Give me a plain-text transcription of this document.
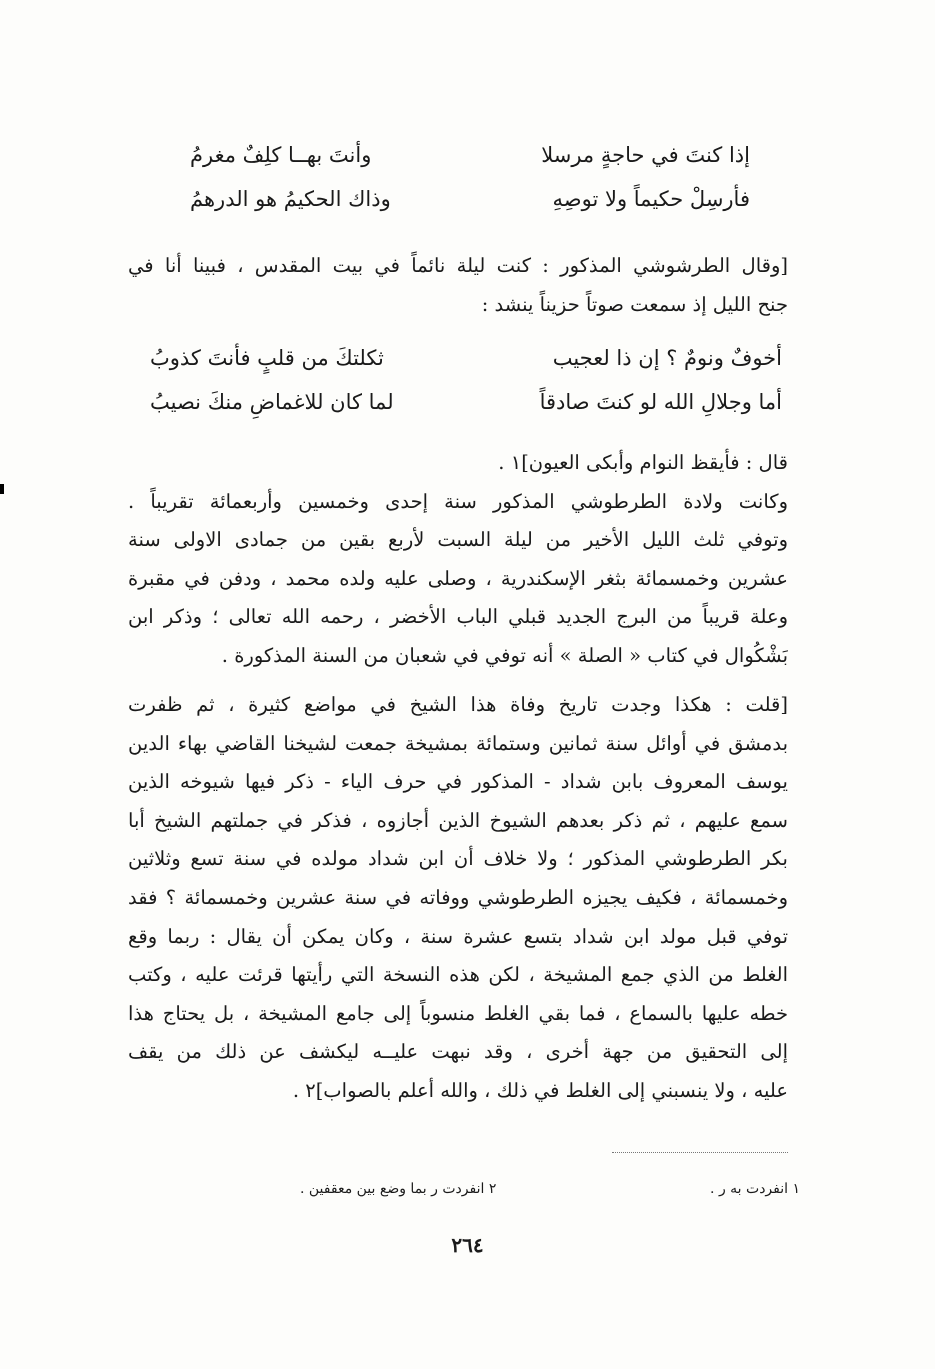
إذا كنتَ في حاجةٍ مرسلا
وأنتَ بهــا كلِفٌ مغرمُ
فأرسِلْ حكيماً ولا توصِهِ
وذاك الحكيمُ هو الدرهمُ
[وقال الطرشوشي المذكور : كنت ليلة نائماً في بيت المقدس ، فبينا أنا في
جنح الليل إذ سمعت صوتاً حزيناً ينشد :
أخوفٌ ونومٌ ؟ إن ذا لعجيب
ثكلتكَ من قلبٍ فأنتَ كذوبُ
أما وجلالِ الله لو كنتَ صادقاً
لما كان للاغماضِ منكَ نصيبُ
قال : فأيقظ النوام وأبكى العيون]١ .
وكانت ولادة الطرطوشي المذكور سنة إحدى وخمسين وأربعمائة تقريباً .
وتوفي ثلث الليل الأخير من ليلة السبت لأربع بقين من جمادى الاولى سنة
عشرين وخمسمائة بثغر الإسكندرية ، وصلى عليه ولده محمد ، ودفن في مقبرة
وعلة قريباً من البرج الجديد قبلي الباب الأخضر ، رحمه الله تعالى ؛ وذكر ابن
بَشْكُوال في كتاب « الصلة » أنه توفي في شعبان من السنة المذكورة .
[قلت : هكذا وجدت تاريخ وفاة هذا الشيخ في مواضع كثيرة ، ثم ظفرت
بدمشق في أوائل سنة ثمانين وستمائة بمشيخة جمعت لشيخنا القاضي بهاء الدين
يوسف المعروف بابن شداد - المذكور في حرف الياء - ذكر فيها شيوخه الذين
سمع عليهم ، ثم ذكر بعدهم الشيوخ الذين أجازوه ، فذكر في جملتهم الشيخ أبا
بكر الطرطوشي المذكور ؛ ولا خلاف أن ابن شداد مولده في سنة تسع وثلاثين
وخمسمائة ، فكيف يجيزه الطرطوشي ووفاته في سنة عشرين وخمسمائة ؟ فقد
توفي قبل مولد ابن شداد بتسع عشرة سنة ، وكان يمكن أن يقال : ربما وقع
الغلط من الذي جمع المشيخة ، لكن هذه النسخة التي رأيتها قرئت عليه ، وكتب
خطه عليها بالسماع ، فما بقي الغلط منسوباً إلى جامع المشيخة ، بل يحتاج هذا
إلى التحقيق من جهة أخرى ، وقد نبهت عليــه ليكشف عن ذلك من يقف
عليه ، ولا ينسبني إلى الغلط في ذلك ، والله أعلم بالصواب]٢ .
١ انفردت به ر .
٢ انفردت ر بما وضع بين معقفين .
٢٦٤
